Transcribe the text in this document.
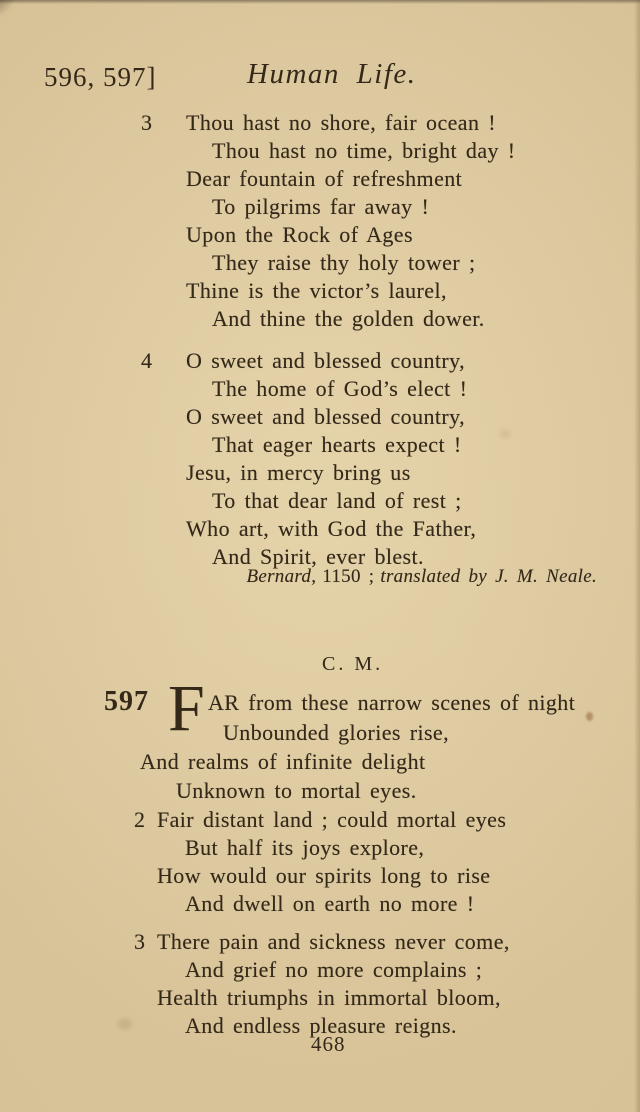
596, 597]	Human Life.
3 Thou hast no shore, fair ocean !
Thou hast no time, bright day !
Dear fountain of refreshment
To pilgrims far away !
Upon the Rock of Ages
They raise thy holy tower ;
Thine is the victor’s laurel,
And thine the golden dower.
4 O sweet and blessed country,
The home of God’s elect !
O sweet and blessed country,
That eager hearts expect !
Jesu, in mercy bring us
To that dear land of rest ;
Who art, with God the Father,
And Spirit, ever blest.
Bernard, 1150 ; translated by J. M. Neale.
C. M.
597 F AR from these narrow scenes of night
Unbounded glories rise,
And realms of infinite delight
Unknown to mortal eyes.
2 Fair distant land ; could mortal eyes
But half its joys explore,
How would our spirits long to rise
And dwell on earth no more !
3 There pain and sickness never come,
And grief no more complains ;
Health triumphs in immortal bloom,
And endless pleasure reigns.
468
